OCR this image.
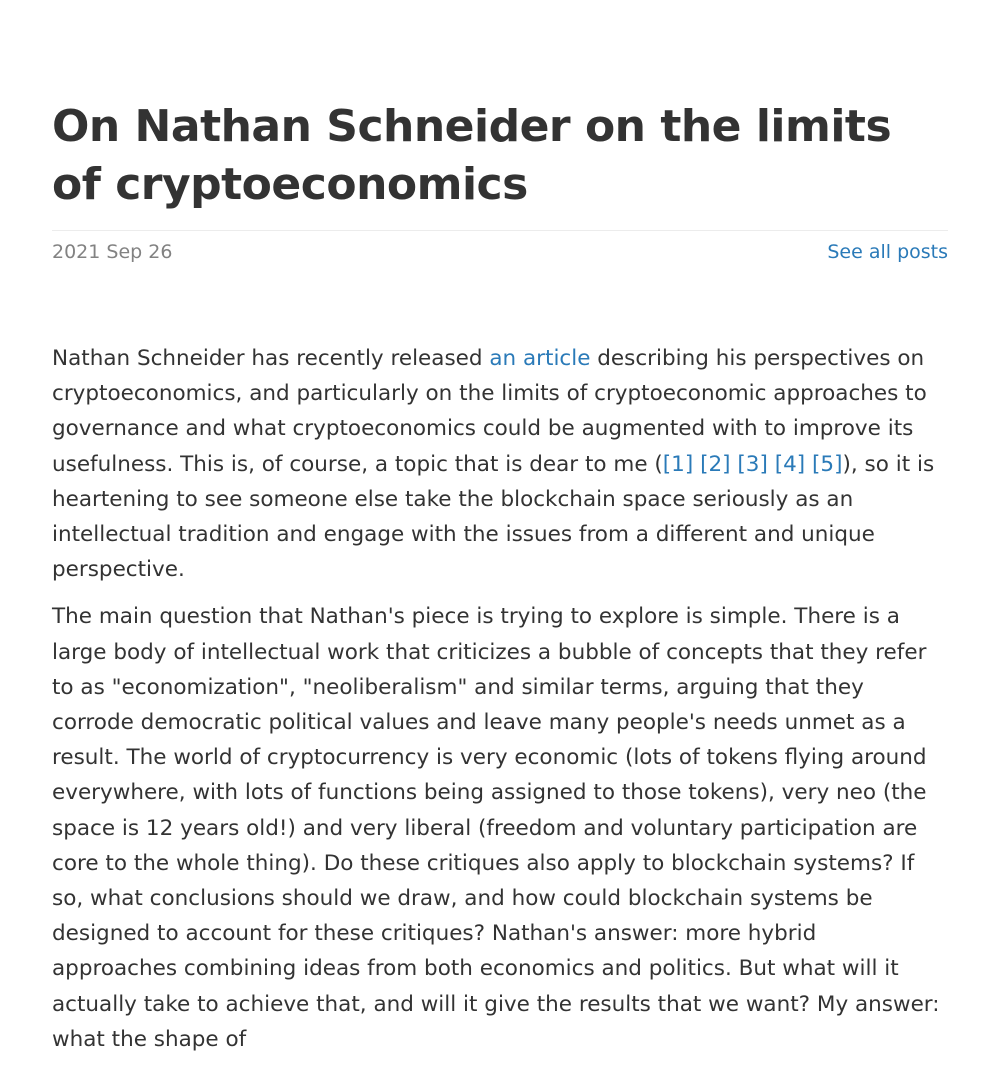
On Nathan Schneider on the limits of cryptoeconomics
2021 Sep 26	See all posts

Nathan Schneider has recently released an article describing his perspectives on cryptoeconomics, and particularly on the limits of cryptoeconomic approaches to governance and what cryptoeconomics could be augmented with to improve its usefulness. This is, of course, a topic that is dear to me ([1] [2] [3] [4] [5]), so it is heartening to see someone else take the blockchain space seriously as an intellectual tradition and engage with the issues from a different and unique perspective.

The main question that Nathan's piece is trying to explore is simple. There is a large body of intellectual work that criticizes a bubble of concepts that they refer to as "economization", "neoliberalism" and similar terms, arguing that they corrode democratic political values and leave many people's needs unmet as a result. The world of cryptocurrency is very economic (lots of tokens flying around everywhere, with lots of functions being assigned to those tokens), very neo (the space is 12 years old!) and very liberal (freedom and voluntary participation are core to the whole thing). Do these critiques also apply to blockchain systems? If so, what conclusions should we draw, and how could blockchain systems be designed to account for these critiques? Nathan's answer: more hybrid approaches combining ideas from both economics and politics. But what will it actually take to achieve that, and will it give the results that we want? My answer: what the shape of
